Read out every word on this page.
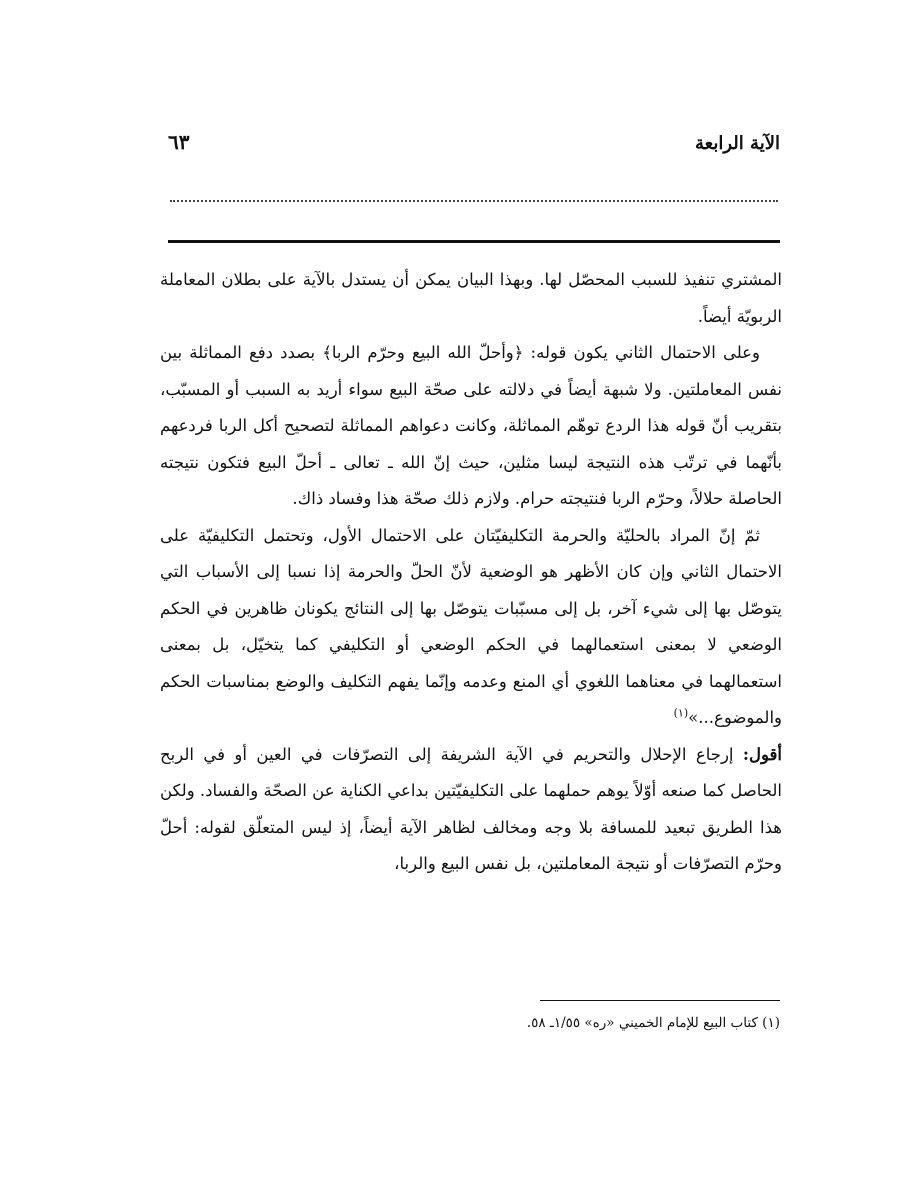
الآية الرابعة
٦٣

المشتري تنفيذ للسبب المحصّل لها. وبهذا البيان يمكن أن يستدل بالآية على بطلان المعاملة الربويّة أيضاً.

وعلى الاحتمال الثاني يكون قوله: ﴿وأحلّ الله البيع وحرّم الربا﴾ بصدد دفع المماثلة بين نفس المعاملتين. ولا شبهة أيضاً في دلالته على صحّة البيع سواء أريد به السبب أو المسبّب، بتقريب أنّ قوله هذا الردع توهّم المماثلة، وكانت دعواهم المماثلة لتصحيح أكل الربا فردعهم بأنّهما في ترتّب هذه النتيجة ليسا مثلين، حيث إنّ الله ـ تعالى ـ أحلّ البيع فتكون نتيجته الحاصلة حلالاً، وحرّم الربا فنتيجته حرام. ولازم ذلك صحّة هذا وفساد ذاك.

ثمّ إنّ المراد بالحليّة والحرمة التكليفيّتان على الاحتمال الأول، وتحتمل التكليفيّة على الاحتمال الثاني وإن كان الأظهر هو الوضعية لأنّ الحلّ والحرمة إذا نسبا إلى الأسباب التي يتوصّل بها إلى شيء آخر، بل إلى مسبّبات يتوصّل بها إلى النتائج يكونان ظاهرين في الحكم الوضعي لا بمعنى استعمالهما في الحكم الوضعي أو التكليفي كما يتخيّل، بل بمعنى استعمالهما في معناهما اللغوي أي المنع وعدمه وإنّما يفهم التكليف والوضع بمناسبات الحكم والموضوع...»$^{(١)}$

أقول: إرجاع الإحلال والتحريم في الآية الشريفة إلى التصرّفات في العين أو في الربح الحاصل كما صنعه أوّلاً يوهم حملهما على التكليفيّتين بداعي الكناية عن الصحّة والفساد. ولكن هذا الطريق تبعيد للمسافة بلا وجه ومخالف لظاهر الآية أيضاً، إذ ليس المتعلّق لقوله: أحلّ وحرّم التصرّفات أو نتيجة المعاملتين، بل نفس البيع والربا،

(١) كتاب البيع للإمام الخميني «ره» ١/٥٥ـ ٥٨.
